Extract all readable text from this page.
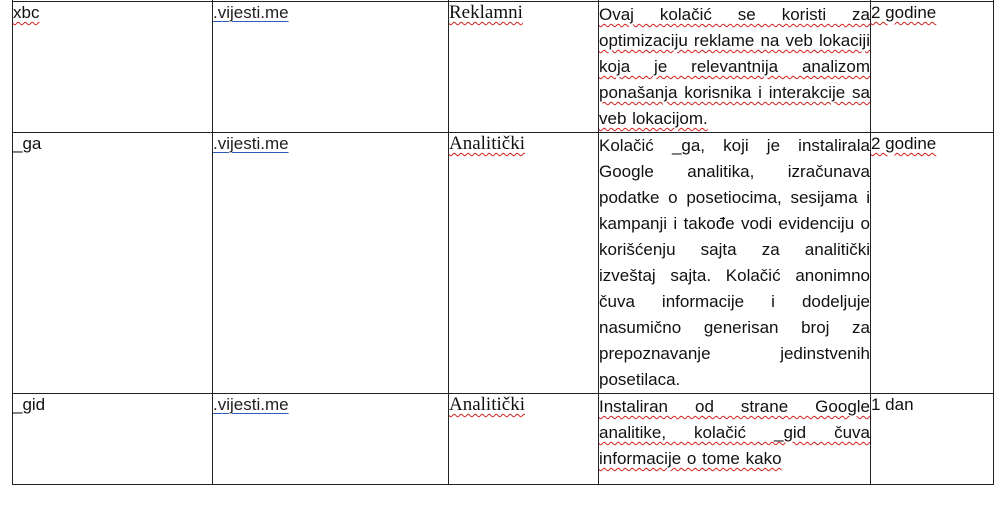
xbc	.vijesti.me	Reklamni	Ovaj kolačić se koristi za optimizaciju reklame na veb lokaciji koja je relevantnija analizom ponašanja korisnika i interakcije sa veb lokacijom.	2 godine
_ga	.vijesti.me	Analitički	Kolačić _ga, koji je instalirala Google analitika, izračunava podatke o posetiocima, sesijama i kampanji i takođe vodi evidenciju o korišćenju sajta za analitički izveštaj sajta. Kolačić anonimno čuva informacije i dodeljuje nasumično generisan broj za prepoznavanje jedinstvenih posetilaca.	2 godine
_gid	.vijesti.me	Analitički	Instaliran od strane Google analitike, kolačić _gid čuva informacije o tome kako	1 dan
